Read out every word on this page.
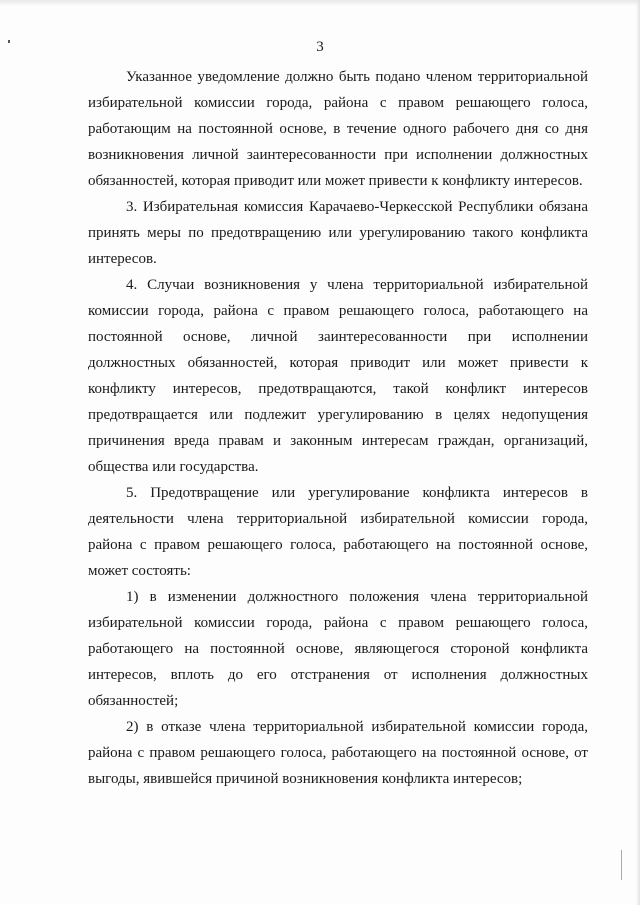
3

Указанное уведомление должно быть подано членом территориальной избирательной комиссии города, района с правом решающего голоса, работающим на постоянной основе, в течение одного рабочего дня со дня возникновения личной заинтересованности при исполнении должностных обязанностей, которая приводит или может привести к конфликту интересов.

3. Избирательная комиссия Карачаево-Черкесской Республики обязана принять меры по предотвращению или урегулированию такого конфликта интересов.

4. Случаи возникновения у члена территориальной избирательной комиссии города, района с правом решающего голоса, работающего на постоянной основе, личной заинтересованности при исполнении должностных обязанностей, которая приводит или может привести к конфликту интересов, предотвращаются, такой конфликт интересов предотвращается или подлежит урегулированию в целях недопущения причинения вреда правам и законным интересам граждан, организаций, общества или государства.

5. Предотвращение или урегулирование конфликта интересов в деятельности члена территориальной избирательной комиссии города, района с правом решающего голоса, работающего на постоянной основе, может состоять:

1) в изменении должностного положения члена территориальной избирательной комиссии города, района с правом решающего голоса, работающего на постоянной основе, являющегося стороной конфликта интересов, вплоть до его отстранения от исполнения должностных обязанностей;

2) в отказе члена территориальной избирательной комиссии города, района с правом решающего голоса, работающего на постоянной основе, от выгоды, явившейся причиной возникновения конфликта интересов;
